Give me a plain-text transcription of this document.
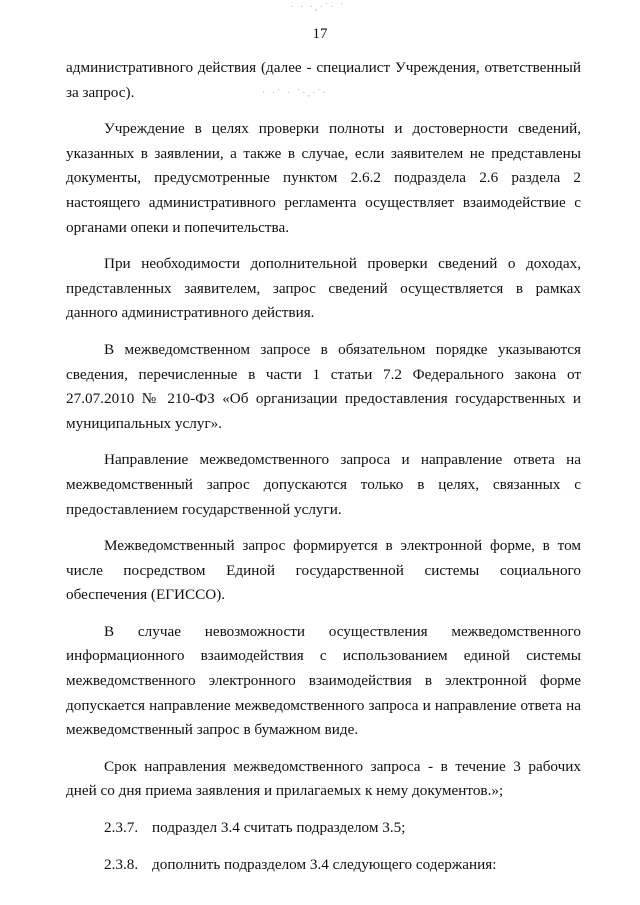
· · ·,·˙· ˙
· ·˙ · ˙·,·˙·
17

административного действия (далее - специалист Учреждения, ответственный за запрос).

Учреждение в целях проверки полноты и достоверности сведений, указанных в заявлении, а также в случае, если заявителем не представлены документы, предусмотренные пунктом 2.6.2 подраздела 2.6 раздела 2 настоящего административного регламента осуществляет взаимодействие с органами опеки и попечительства.

При необходимости дополнительной проверки сведений о доходах, представленных заявителем, запрос сведений осуществляется в рамках данного административного действия.

В межведомственном запросе в обязательном порядке указываются сведения, перечисленные в части 1 статьи 7.2 Федерального закона от 27.07.2010 № 210-ФЗ «Об организации предоставления государственных и муниципальных услуг».

Направление межведомственного запроса и направление ответа на межведомственный запрос допускаются только в целях, связанных с предоставлением государственной услуги.

Межведомственный запрос формируется в электронной форме, в том числе посредством Единой государственной системы социального обеспечения (ЕГИССО).

В случае невозможности осуществления межведомственного информационного взаимодействия с использованием единой системы межведомственного электронного взаимодействия в электронной форме допускается направление межведомственного запроса и направление ответа на межведомственный запрос в бумажном виде.

Срок направления межведомственного запроса - в течение 3 рабочих дней со дня приема заявления и прилагаемых к нему документов.»;

2.3.7. подраздел 3.4 считать подразделом 3.5;

2.3.8. дополнить подразделом 3.4 следующего содержания:
